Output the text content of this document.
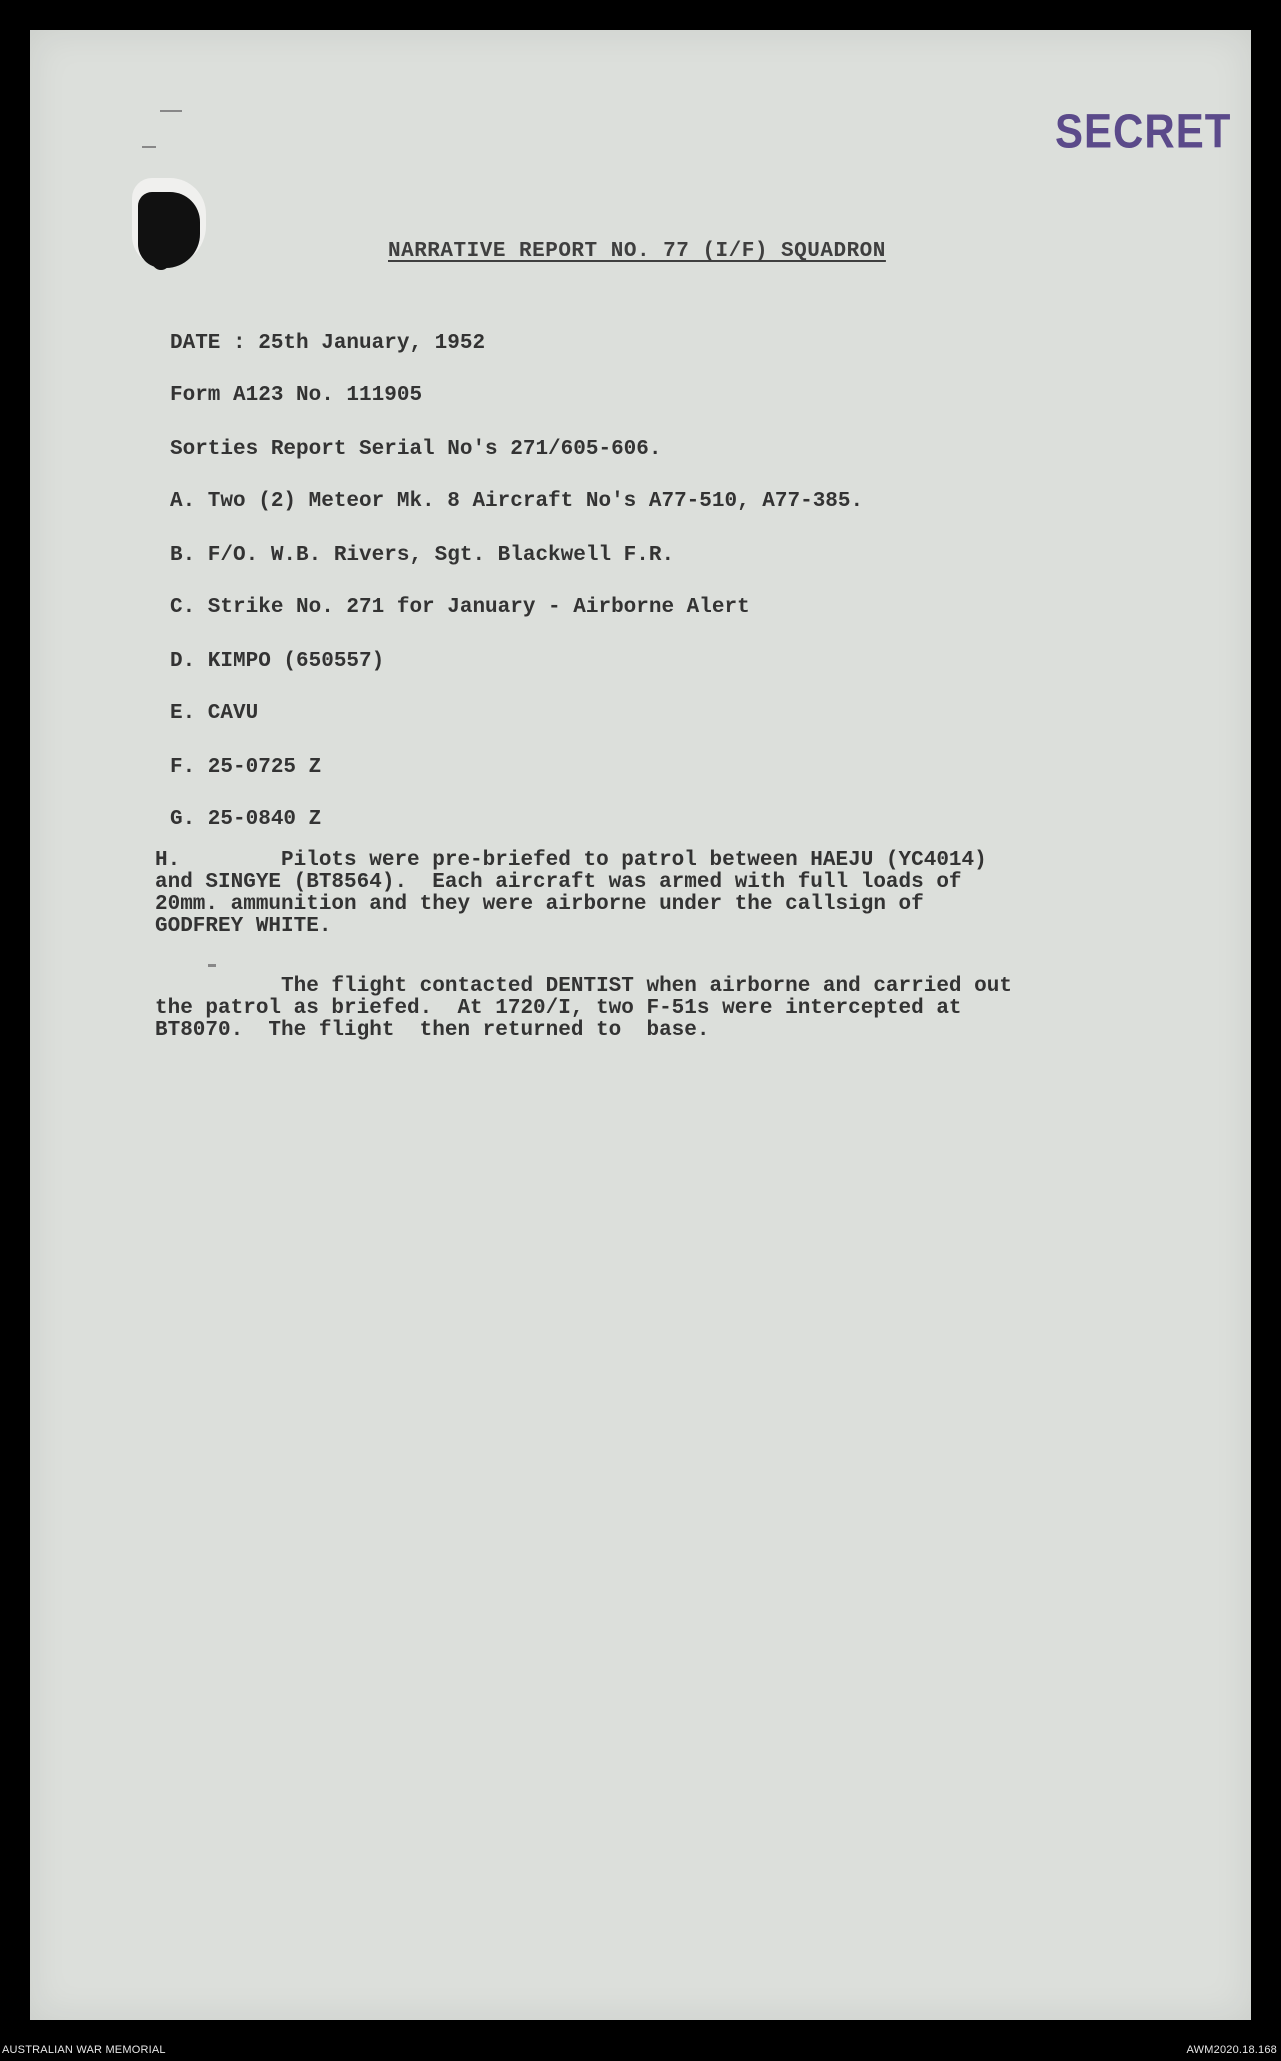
SECRET
NARRATIVE REPORT NO. 77 (I/F) SQUADRON
DATE : 25th January, 1952
Form A123 No. 111905
Sorties Report Serial No's 271/605-606.
A. Two (2) Meteor Mk. 8 Aircraft No's A77-510, A77-385.
B. F/O. W.B. Rivers, Sgt. Blackwell F.R.
C. Strike No. 271 for January - Airborne Alert
D. KIMPO (650557)
E. CAVU
F. 25-0725 Z
G. 25-0840 Z
H.        Pilots were pre-briefed to patrol between HAEJU (YC4014)
and SINGYE (BT8564).  Each aircraft was armed with full loads of
20mm. ammunition and they were airborne under the callsign of
GODFREY WHITE.
The flight contacted DENTIST when airborne and carried out
the patrol as briefed.  At 1720/I, two F-51s were intercepted at
BT8070.  The flight  then returned to  base.
AUSTRALIAN WAR MEMORIAL	AWM2020.18.168
